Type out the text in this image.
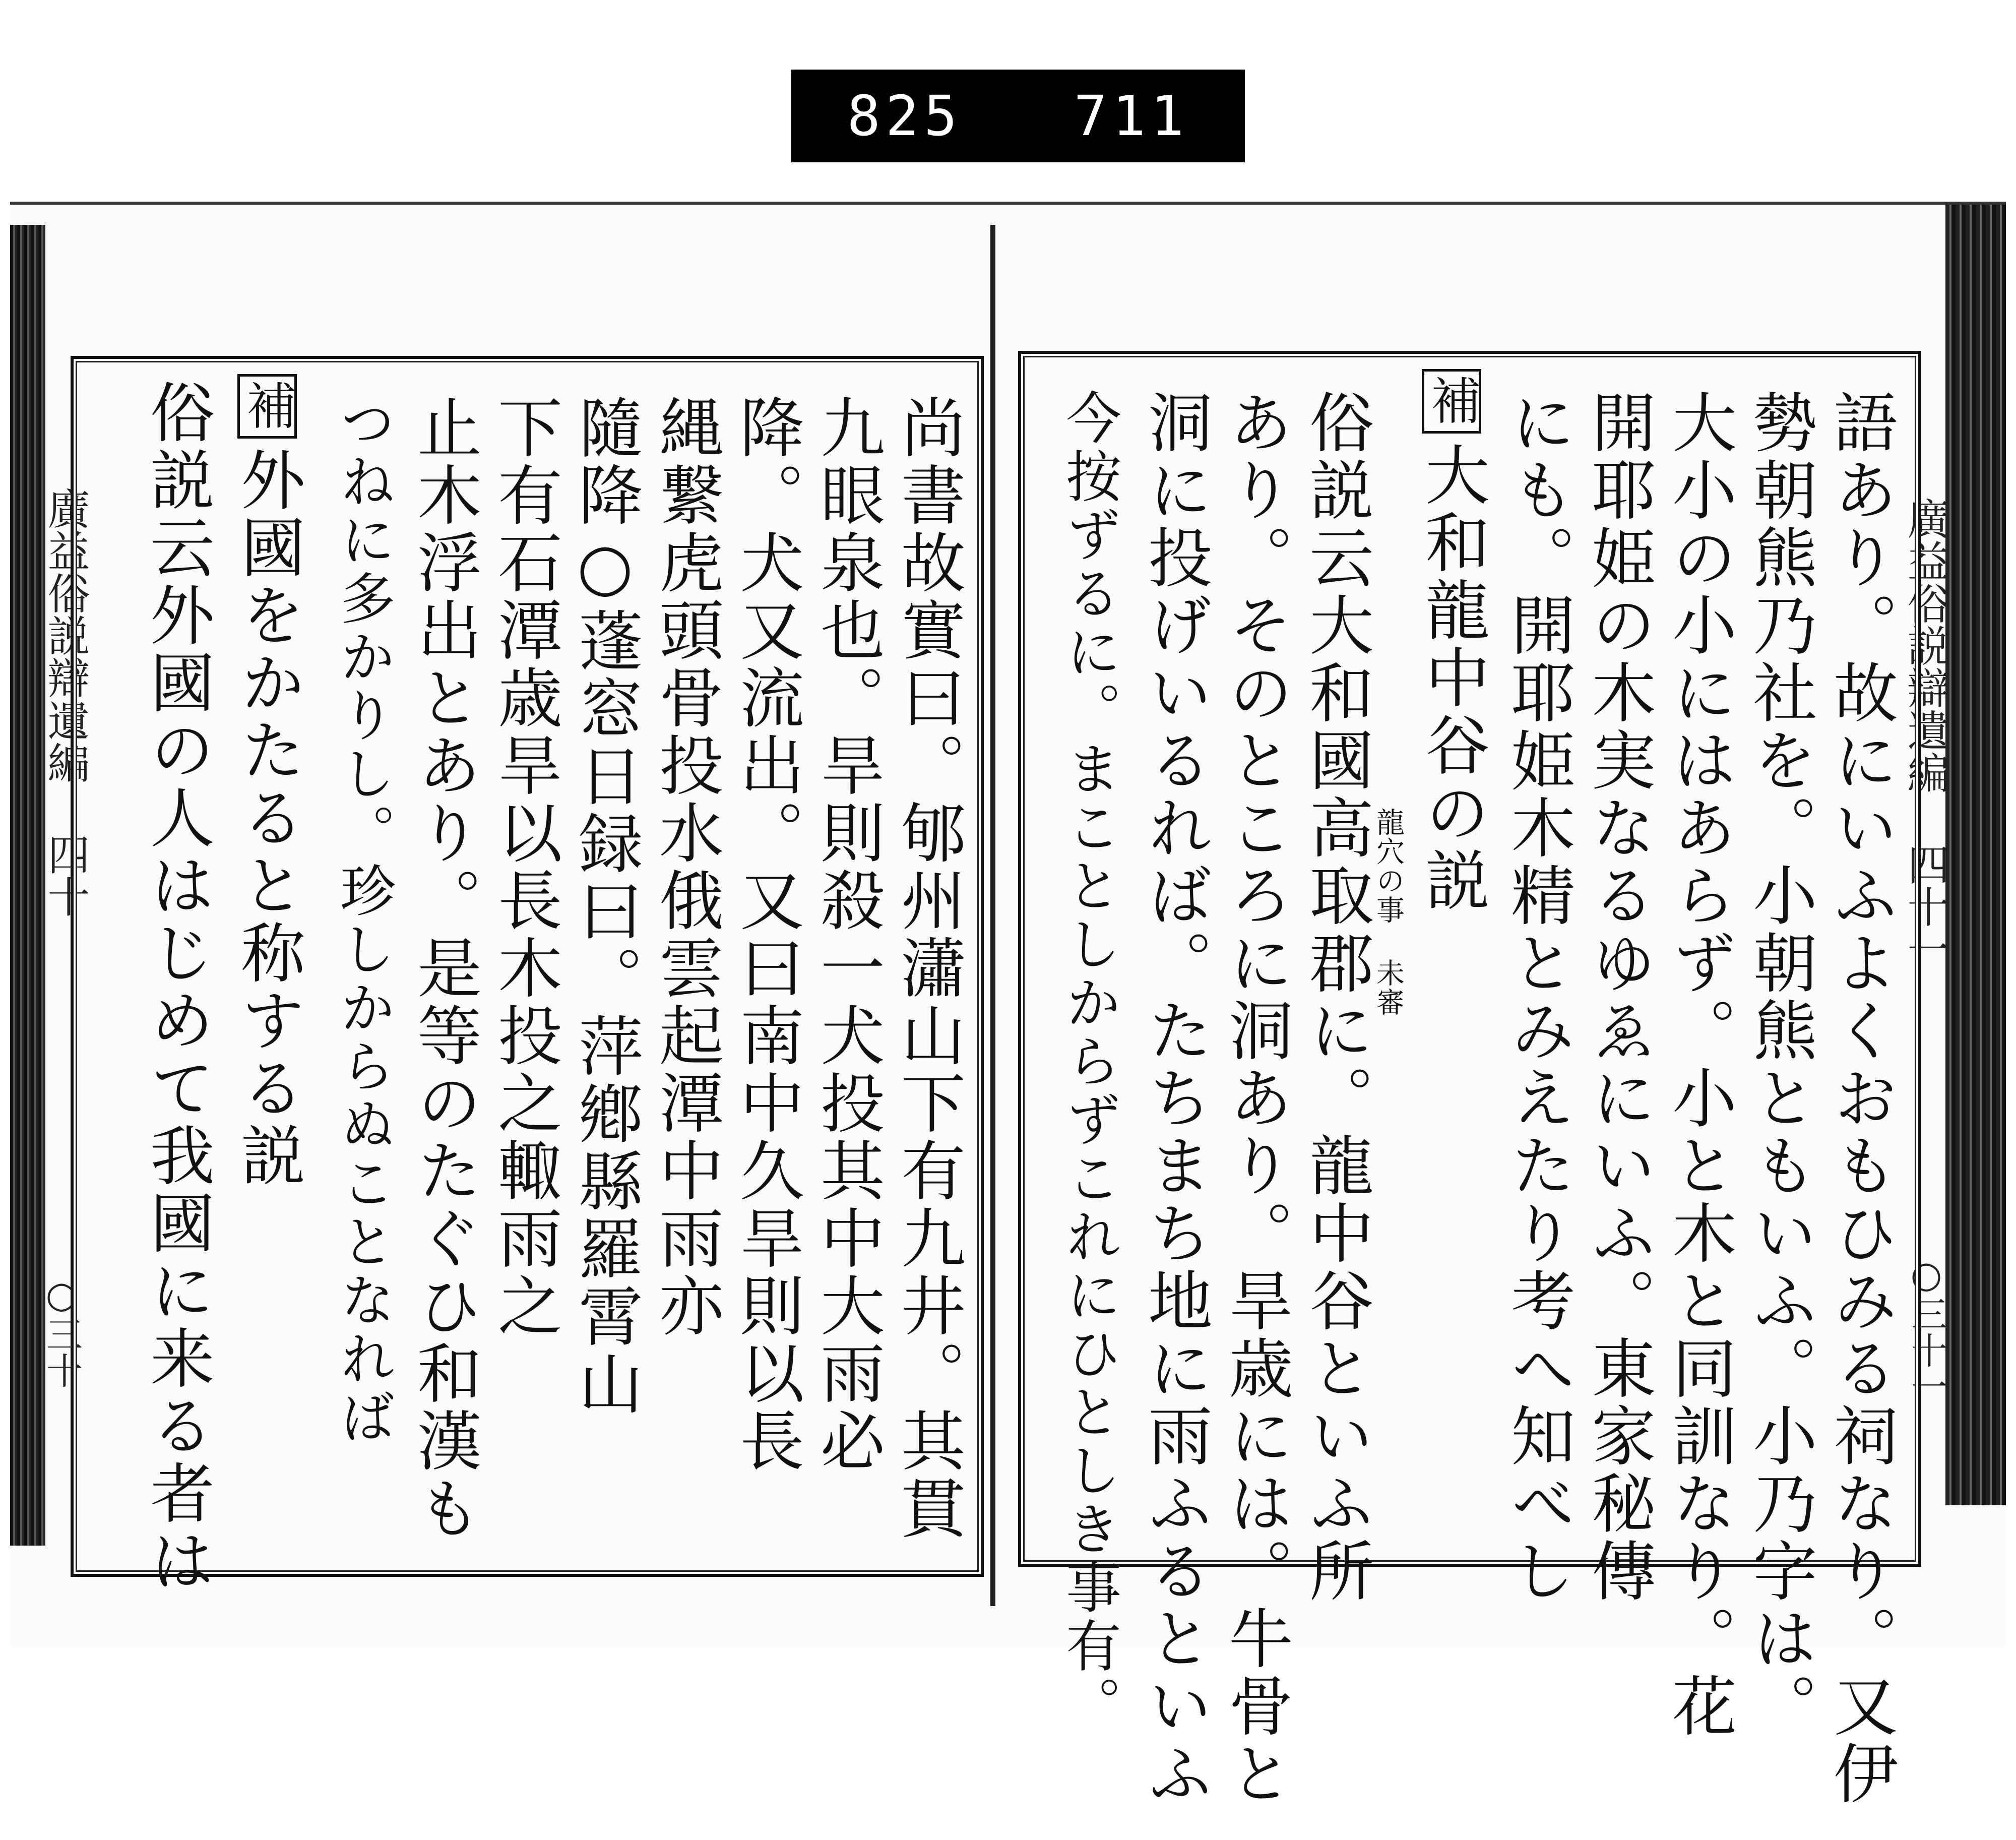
825 711
廣益俗説辯遺編 四十
○三十	尚書故實曰。郇州瀟山下有九井。其貫
九眼泉也。旱則殺一犬投其中大雨必
降。犬又流出。又曰南中久旱則以長
縄繋虎頭骨投水俄雲起潭中雨亦
隨降○蓬窓日録曰。萍鄕縣羅霄山
下有石潭歳旱以長木投之輙雨之
止木浮出とあり。是等のたぐひ和漢も
つねに多かりし。珍しからぬことなれば
補外國をかたると称する説
俗説云外國の人はじめて我國に来る者は	廣益俗説辯遺編 四十一
○三十一
語あり。故にいふよくおもひみる祠なり。又伊
勢朝熊乃社を。小朝熊ともいふ。小乃字は。
大小の小にはあらず。小と木と同訓なり。花
開耶姫の木実なるゆゑにいふ。東家秘傳
にも。開耶姫木精とみえたり考へ知べし
補大和龍中谷の説
龍穴の事 未審
俗説云大和國高取郡に。龍中谷といふ所
あり。そのところに洞あり。旱歳には。牛骨と
洞に投げいるれば。たちまち地に雨ふるといふ
今按ずるに。まことしからずこれにひとしき事有。
